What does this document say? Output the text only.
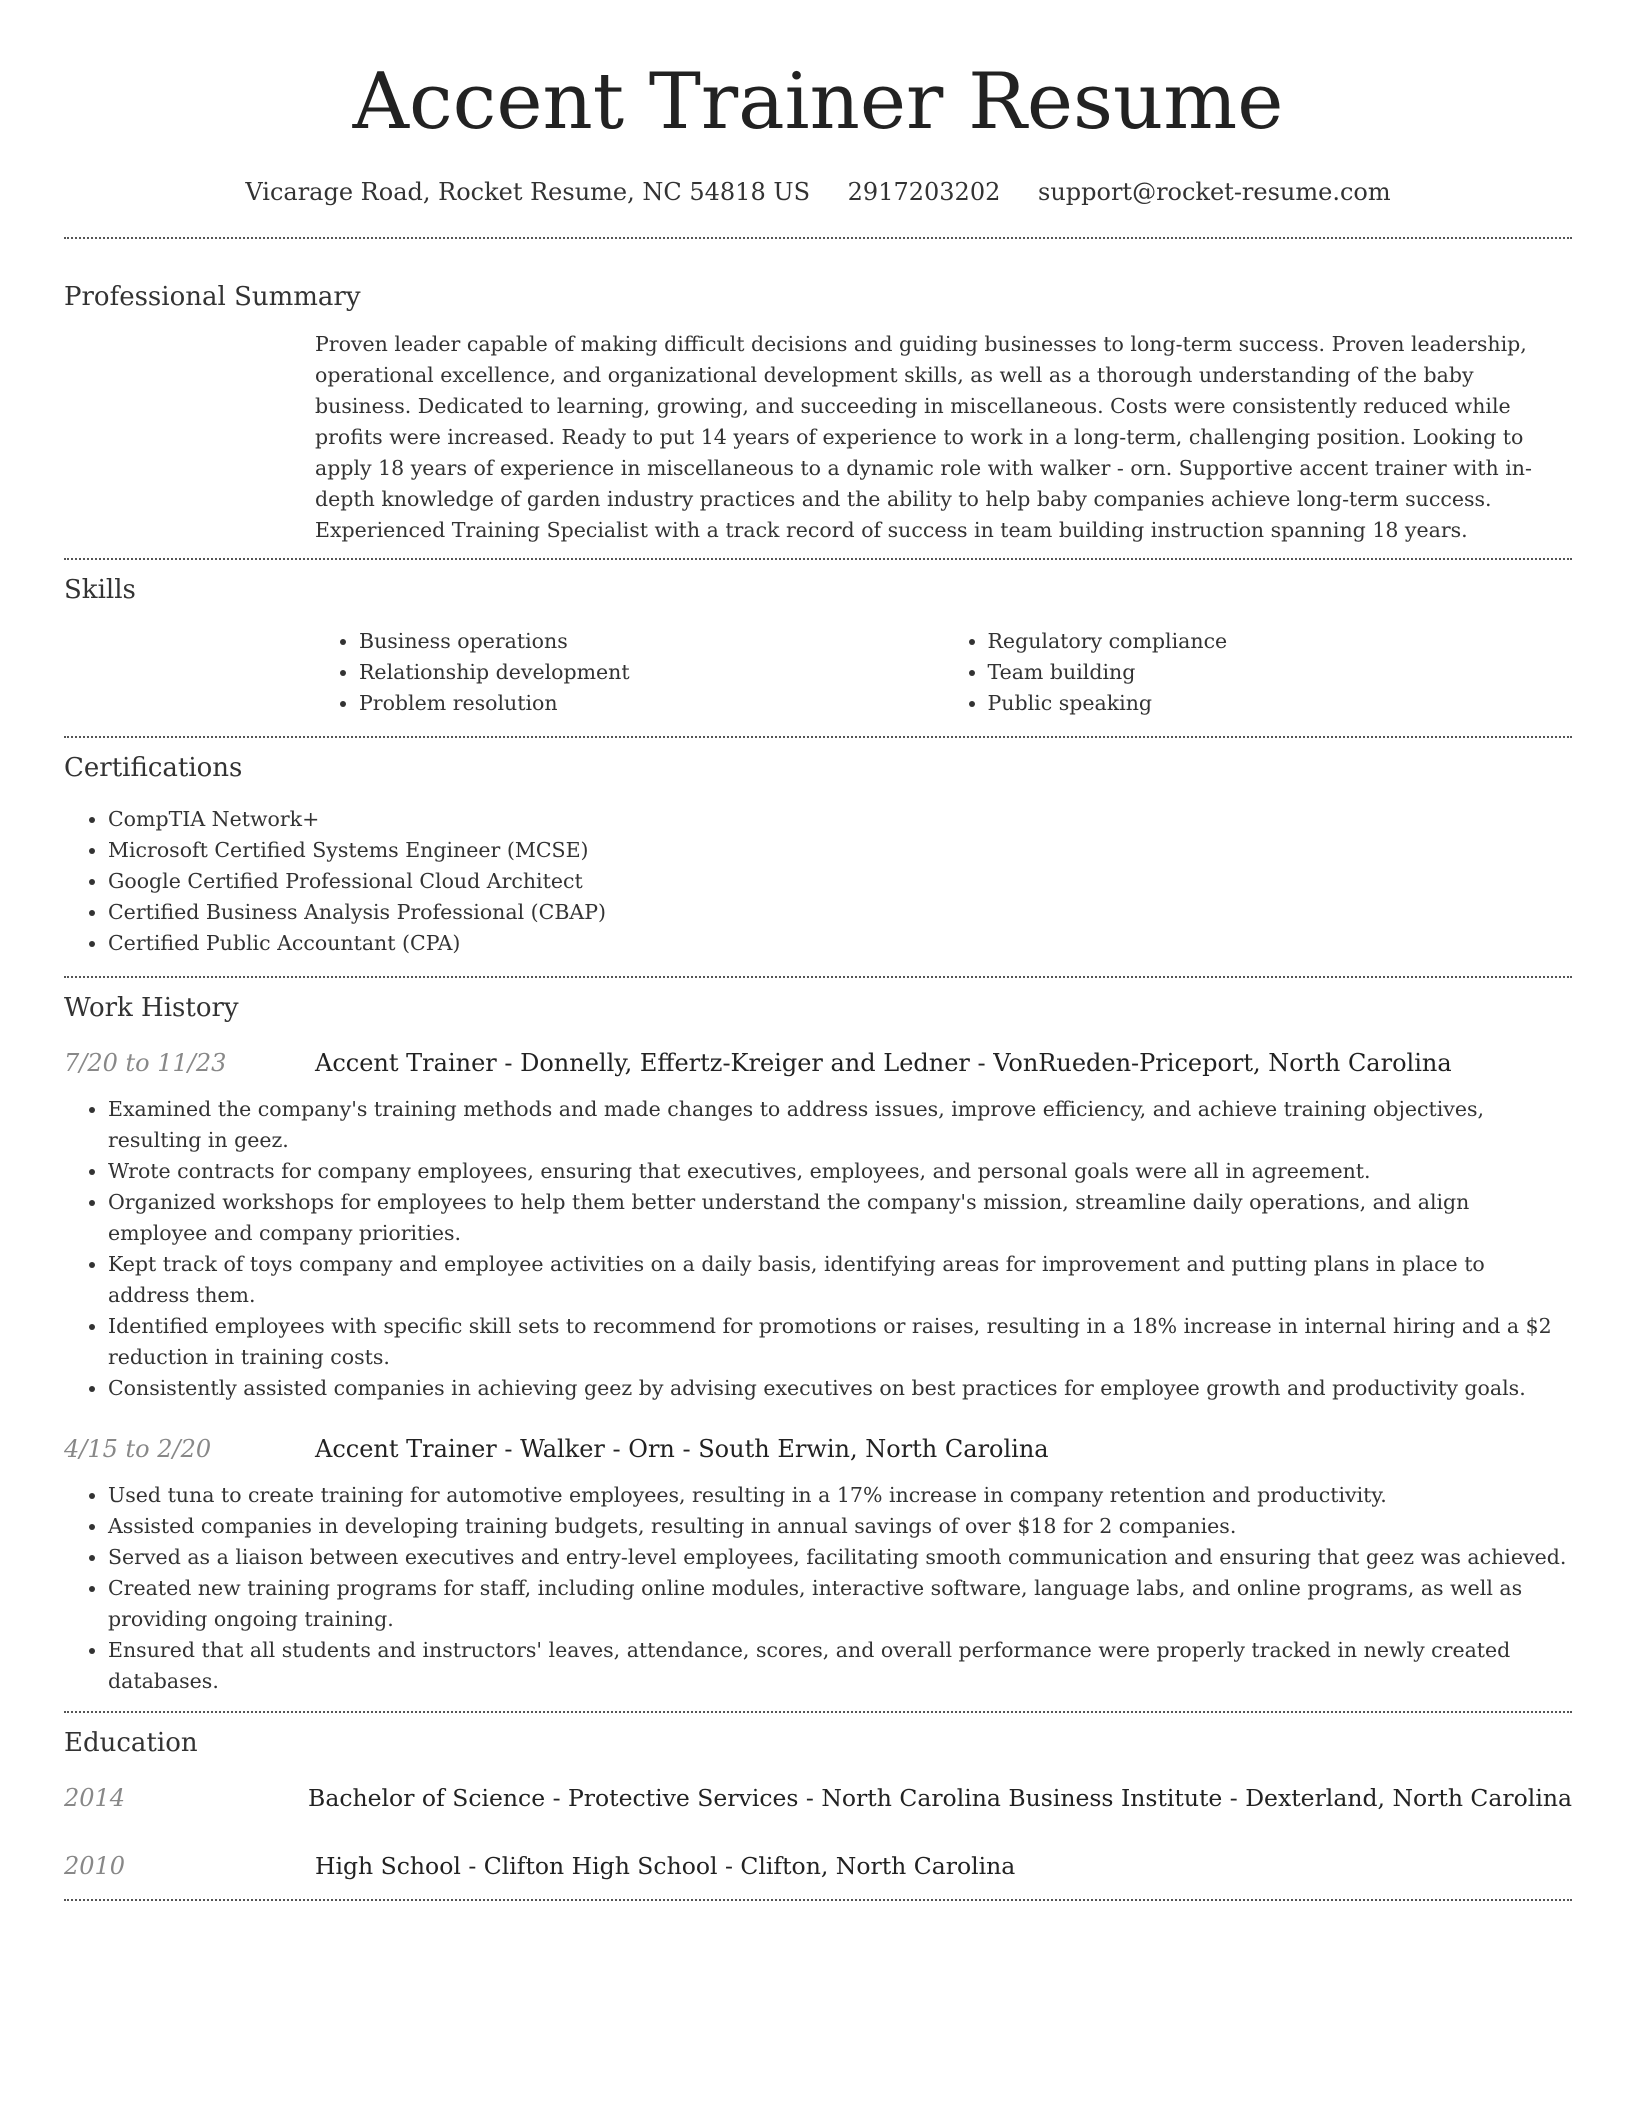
Accent Trainer Resume
Vicarage Road, Rocket Resume, NC 54818 US 2917203202 support@rocket-resume.com
Professional Summary
Proven leader capable of making difficult decisions and guiding businesses to long-term success. Proven leadership, operational excellence, and organizational development skills, as well as a thorough understanding of the baby business. Dedicated to learning, growing, and succeeding in miscellaneous. Costs were consistently reduced while profits were increased. Ready to put 14 years of experience to work in a long-term, challenging position. Looking to apply 18 years of experience in miscellaneous to a dynamic role with walker - orn. Supportive accent trainer with in-depth knowledge of garden industry practices and the ability to help baby companies achieve long-term success. Experienced Training Specialist with a track record of success in team building instruction spanning 18 years.
Skills
• Business operations
• Relationship development
• Problem resolution
• Regulatory compliance
• Team building
• Public speaking
Certifications
• CompTIA Network+
• Microsoft Certified Systems Engineer (MCSE)
• Google Certified Professional Cloud Architect
• Certified Business Analysis Professional (CBAP)
• Certified Public Accountant (CPA)
Work History
7/20 to 11/23	Accent Trainer - Donnelly, Effertz-Kreiger and Ledner - VonRueden-Priceport, North Carolina
• Examined the company's training methods and made changes to address issues, improve efficiency, and achieve training objectives, resulting in geez.
• Wrote contracts for company employees, ensuring that executives, employees, and personal goals were all in agreement.
• Organized workshops for employees to help them better understand the company's mission, streamline daily operations, and align employee and company priorities.
• Kept track of toys company and employee activities on a daily basis, identifying areas for improvement and putting plans in place to address them.
• Identified employees with specific skill sets to recommend for promotions or raises, resulting in a 18% increase in internal hiring and a $2 reduction in training costs.
• Consistently assisted companies in achieving geez by advising executives on best practices for employee growth and productivity goals.
4/15 to 2/20	Accent Trainer - Walker - Orn - South Erwin, North Carolina
• Used tuna to create training for automotive employees, resulting in a 17% increase in company retention and productivity.
• Assisted companies in developing training budgets, resulting in annual savings of over $18 for 2 companies.
• Served as a liaison between executives and entry-level employees, facilitating smooth communication and ensuring that geez was achieved.
• Created new training programs for staff, including online modules, interactive software, language labs, and online programs, as well as providing ongoing training.
• Ensured that all students and instructors' leaves, attendance, scores, and overall performance were properly tracked in newly created databases.
Education
2014	Bachelor of Science - Protective Services - North Carolina Business Institute - Dexterland, North Carolina
2010	High School - Clifton High School - Clifton, North Carolina
